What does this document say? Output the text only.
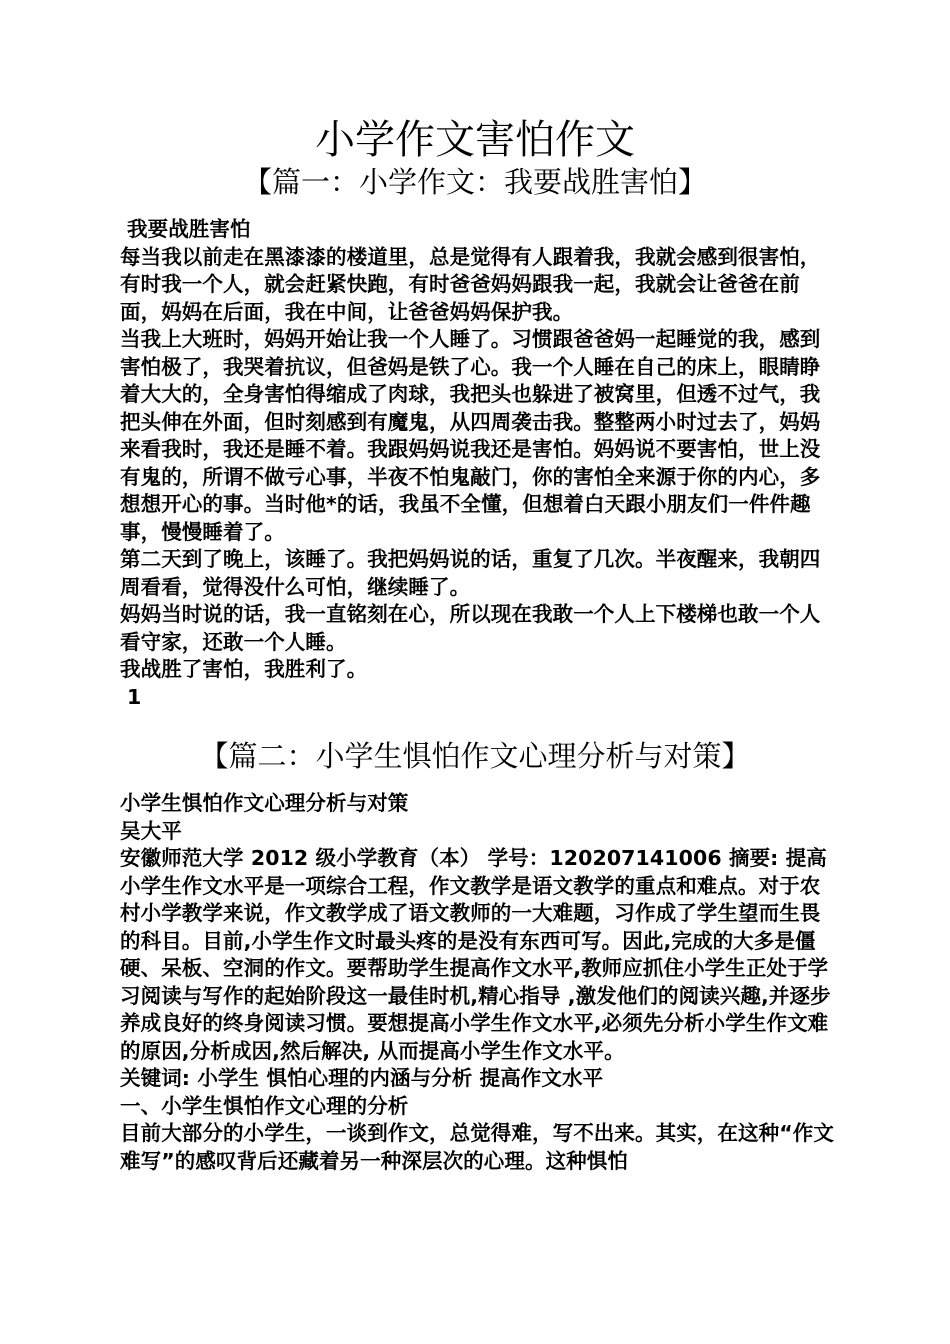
小学作文害怕作文
【篇一：小学作文：我要战胜害怕】

我要战胜害怕

每当我以前走在黑漆漆的楼道里，总是觉得有人跟着我，我就会感到很害怕，有时我一个人，就会赶紧快跑，有时爸爸妈妈跟我一起，我就会让爸爸在前面，妈妈在后面，我在中间，让爸爸妈妈保护我。

当我上大班时，妈妈开始让我一个人睡了。习惯跟爸爸妈一起睡觉的我，感到害怕极了，我哭着抗议，但爸妈是铁了心。我一个人睡在自己的床上，眼睛睁着大大的，全身害怕得缩成了肉球，我把头也躲进了被窝里，但透不过气，我把头伸在外面，但时刻感到有魔鬼，从四周袭击我。整整两小时过去了，妈妈来看我时，我还是睡不着。我跟妈妈说我还是害怕。妈妈说不要害怕，世上没有鬼的，所谓不做亏心事，半夜不怕鬼敲门，你的害怕全来源于你的内心，多想想开心的事。当时他*的话，我虽不全懂，但想着白天跟小朋友们一件件趣事，慢慢睡着了。

第二天到了晚上，该睡了。我把妈妈说的话，重复了几次。半夜醒来，我朝四周看看，觉得没什么可怕，继续睡了。

妈妈当时说的话，我一直铭刻在心，所以现在我敢一个人上下楼梯也敢一个人看守家，还敢一个人睡。

我战胜了害怕，我胜利了。

1

【篇二：小学生惧怕作文心理分析与对策】

小学生惧怕作文心理分析与对策

吴大平

安徽师范大学 2012 级小学教育（本） 学号：120207141006 摘要: 提高小学生作文水平是一项综合工程，作文教学是语文教学的重点和难点。对于农村小学教学来说，作文教学成了语文教师的一大难题，习作成了学生望而生畏的科目。目前,小学生作文时最头疼的是没有东西可写。因此,完成的大多是僵硬、呆板、空洞的作文。要帮助学生提高作文水平,教师应抓住小学生正处于学习阅读与写作的起始阶段这一最佳时机,精心指导 ,激发他们的阅读兴趣,并逐步养成良好的终身阅读习惯。要想提高小学生作文水平,必须先分析小学生作文难的原因,分析成因,然后解决, 从而提高小学生作文水平。

关键词: 小学生 惧怕心理的内涵与分析 提高作文水平

一、小学生惧怕作文心理的分析

目前大部分的小学生，一谈到作文，总觉得难，写不出来。其实，在这种“作文难写”的感叹背后还藏着另一种深层次的心理。这种惧怕
